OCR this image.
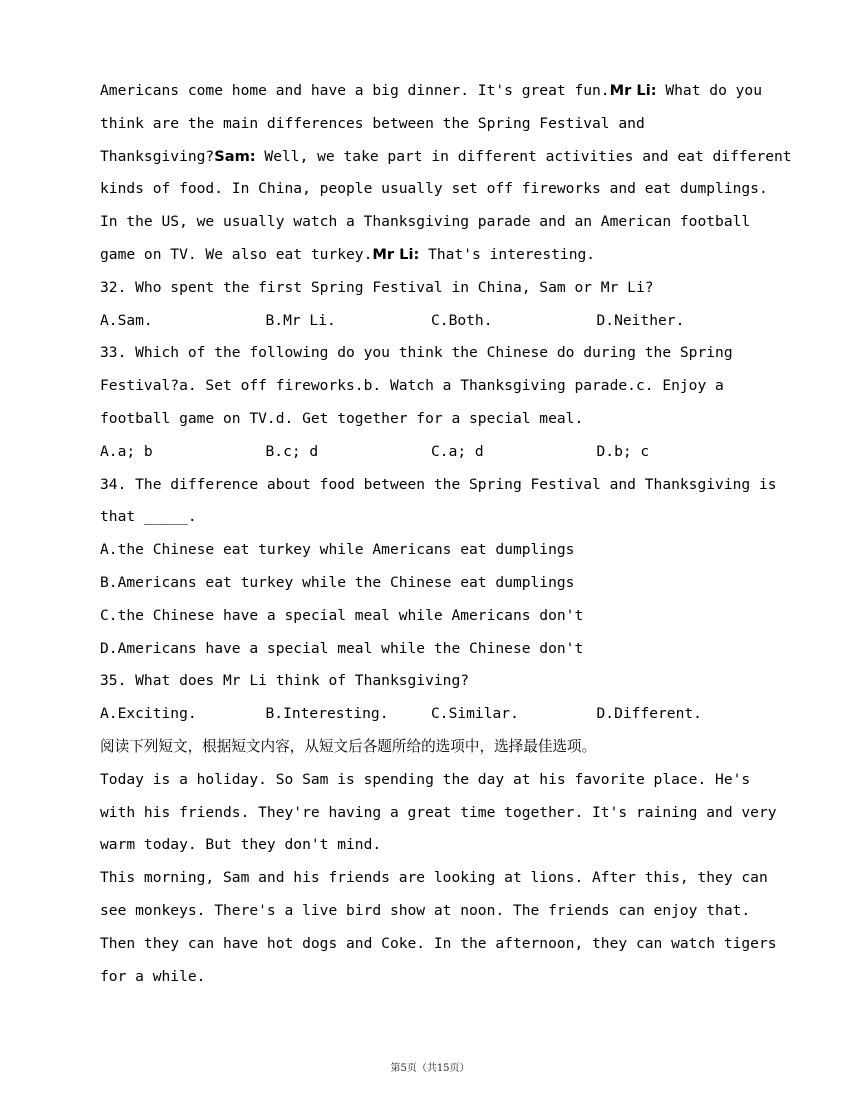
Americans come home and have a big dinner. It's great fun.Mr Li: What do you
think are the main differences between the Spring Festival and
Thanksgiving?Sam: Well, we take part in different activities and eat different
kinds of food. In China, people usually set off fireworks and eat dumplings.
In the US, we usually watch a Thanksgiving parade and an American football
game on TV. We also eat turkey.Mr Li: That's interesting.
32. Who spent the first Spring Festival in China, Sam or Mr Li?
A.Sam.	B.Mr Li.	C.Both.	D.Neither.
33. Which of the following do you think the Chinese do during the Spring
Festival?a. Set off fireworks.b. Watch a Thanksgiving parade.c. Enjoy a
football game on TV.d. Get together for a special meal.
A.a; b	B.c; d	C.a; d	D.b; c
34. The difference about food between the Spring Festival and Thanksgiving is
that _____.
A.the Chinese eat turkey while Americans eat dumplings
B.Americans eat turkey while the Chinese eat dumplings
C.the Chinese have a special meal while Americans don't
D.Americans have a special meal while the Chinese don't
35. What does Mr Li think of Thanksgiving?
A.Exciting.	B.Interesting.	C.Similar.	D.Different.
阅读下列短文，根据短文内容，从短文后各题所给的选项中，选择最佳选项。
Today is a holiday. So Sam is spending the day at his favorite place. He's
with his friends. They're having a great time together. It's raining and very
warm today. But they don't mind.
This morning, Sam and his friends are looking at lions. After this, they can
see monkeys. There's a live bird show at noon. The friends can enjoy that.
Then they can have hot dogs and Coke. In the afternoon, they can watch tigers
for a while.
第5页（共15页）
